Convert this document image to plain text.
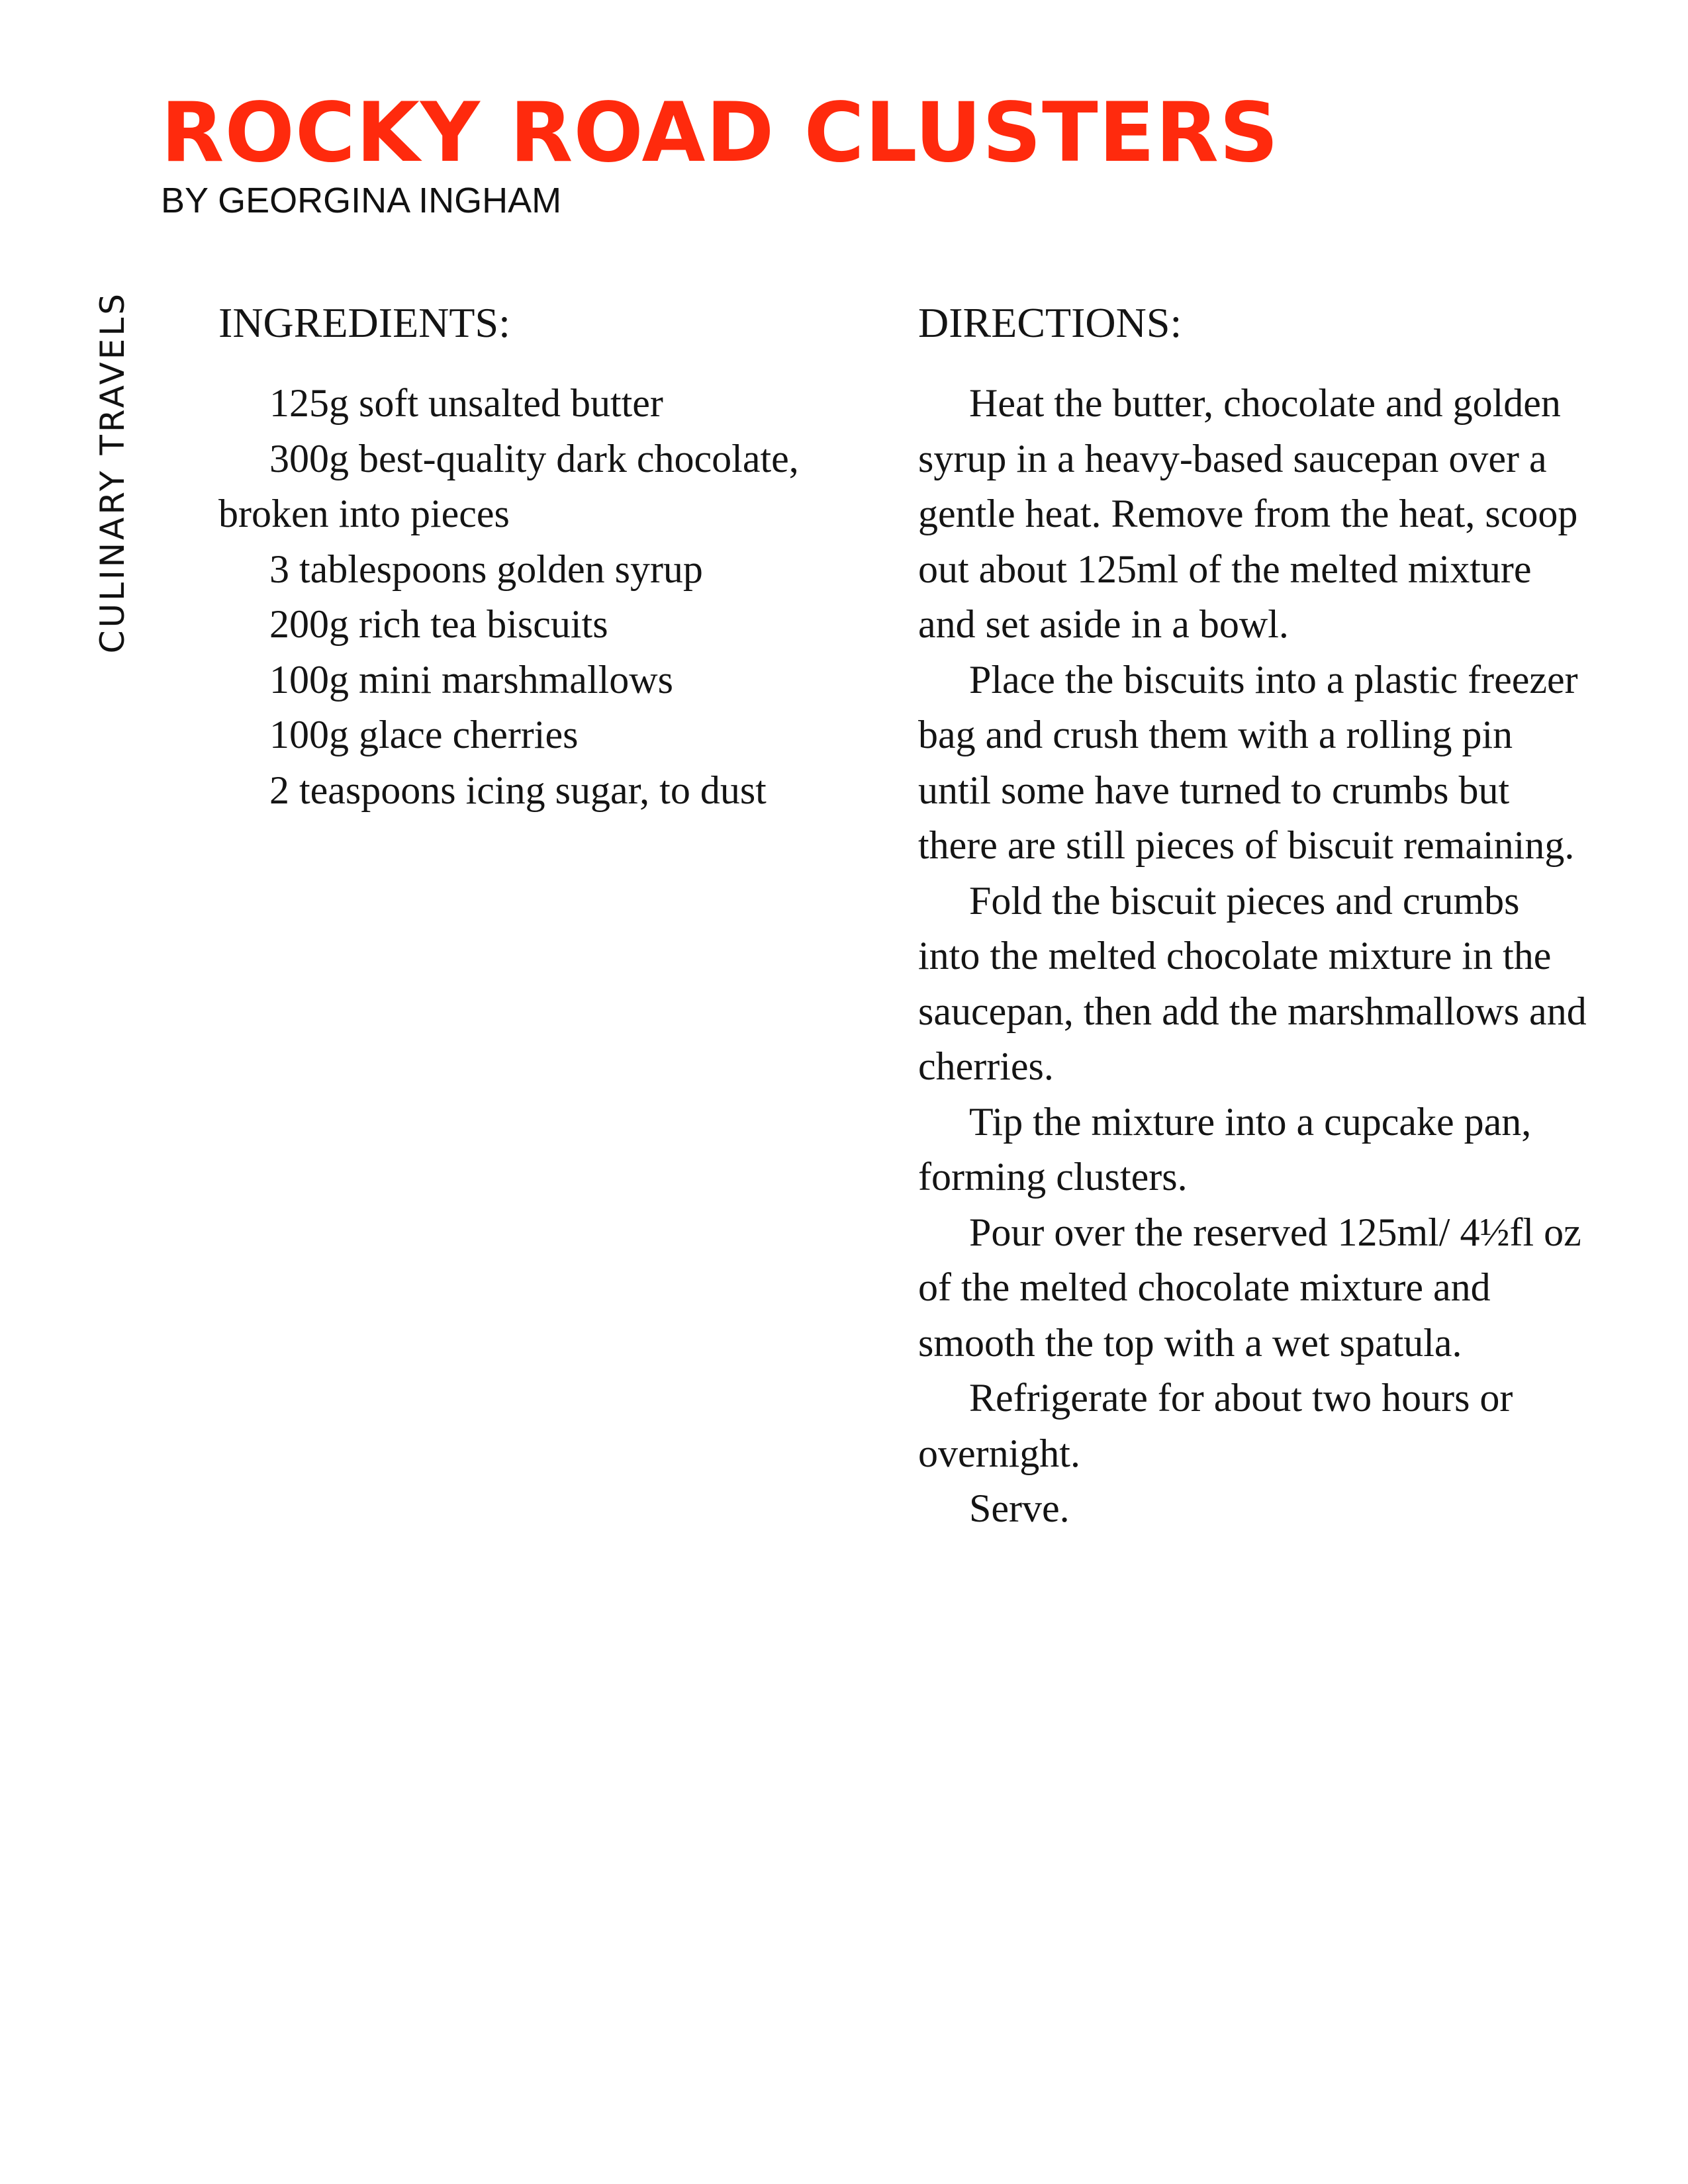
ROCKY ROAD CLUSTERS
BY GEORGINA INGHAM
CULINARY TRAVELS INGREDIENTS:
125g soft unsalted butter
300g best-quality dark chocolate, broken into pieces
3 tablespoons golden syrup
200g rich tea biscuits
100g mini marshmallows
100g glace cherries
2 teaspoons icing sugar, to dust
DIRECTIONS:

Heat the butter, chocolate and golden syrup in a heavy-based saucepan over a gentle heat. Remove from the heat, scoop out about 125ml of the melted mixture and set aside in a bowl.

Place the biscuits into a plastic freezer bag and crush them with a rolling pin until some have turned to crumbs but there are still pieces of biscuit remaining.

Fold the biscuit pieces and crumbs into the melted chocolate mixture in the saucepan, then add the marshmallows and cherries.

Tip the mixture into a cupcake pan, forming clusters.

Pour over the reserved 125ml/ 4½fl oz of the melted chocolate mixture and smooth the top with a wet spatula.

Refrigerate for about two hours or overnight.

Serve.
